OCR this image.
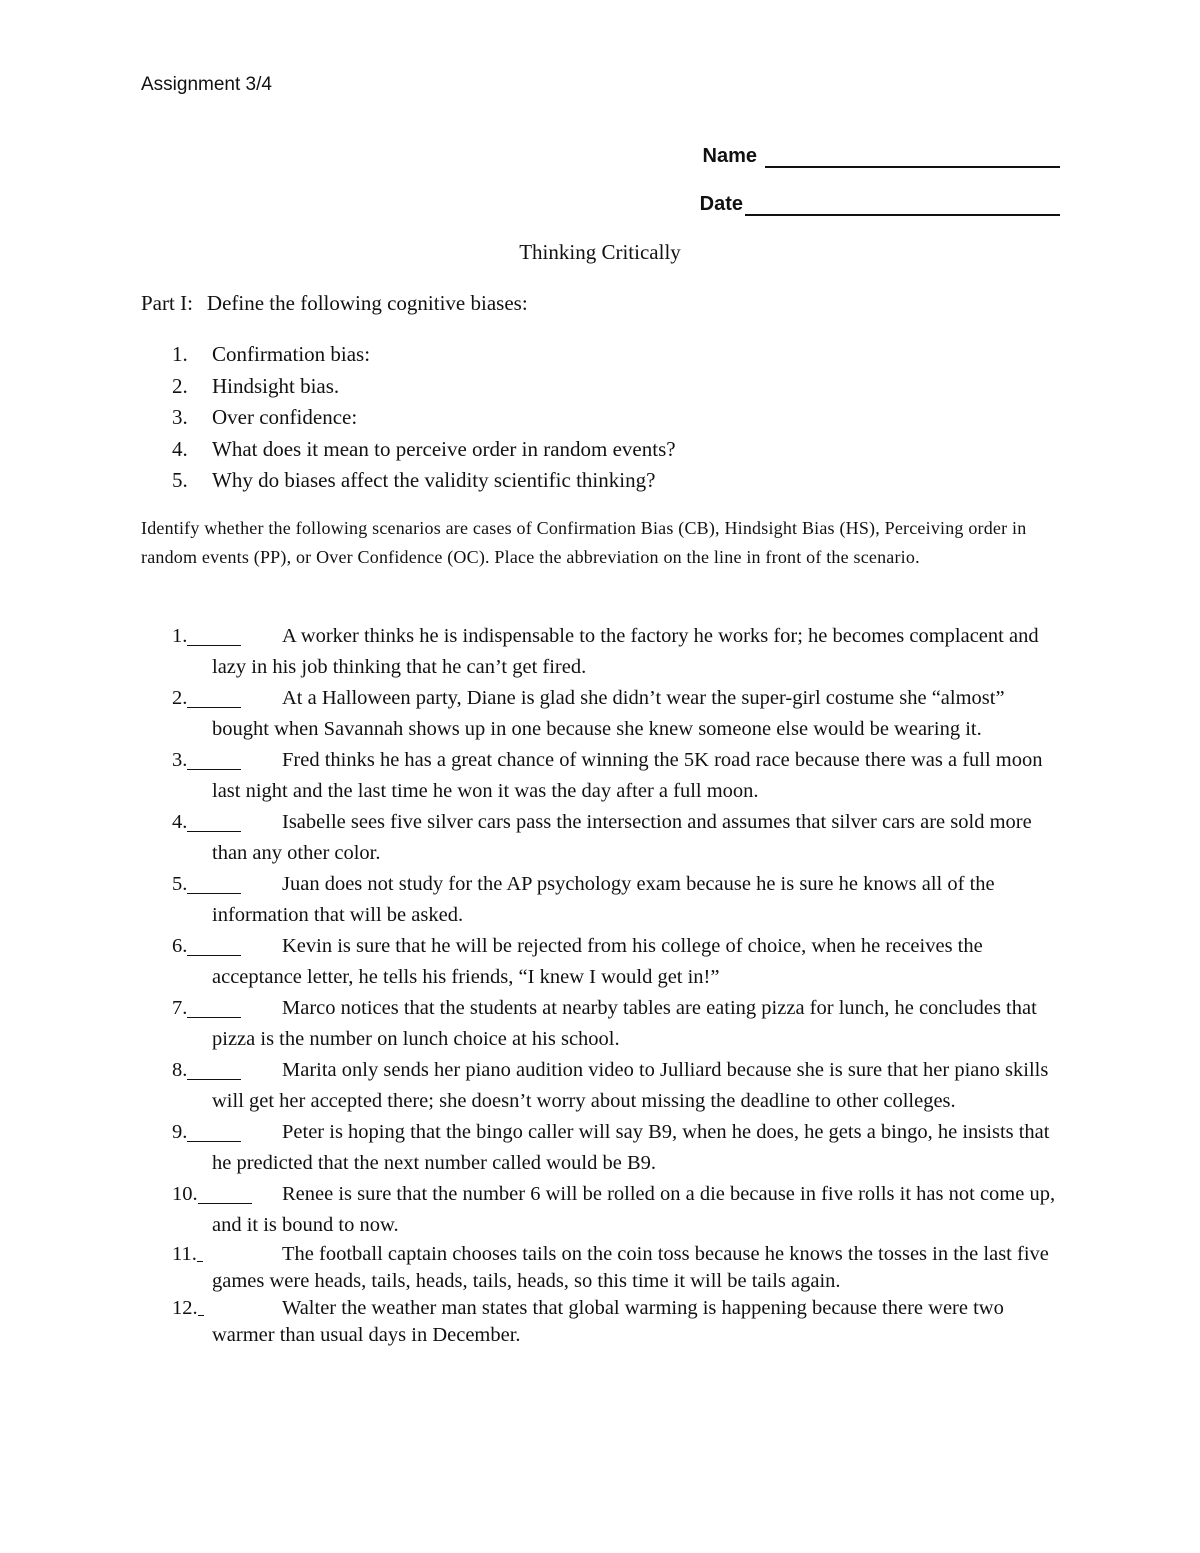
Assignment 3/4
Name
Date
Thinking Critically
Part I: Define the following cognitive biases:
1.	Confirmation bias:
2.	Hindsight bias.
3.	Over confidence:
4.	What does it mean to perceive order in random events?
5.	Why do biases affect the validity scientific thinking?
Identify whether the following scenarios are cases of Confirmation Bias (CB), Hindsight Bias (HS), Perceiving order in random events (PP), or Over Confidence (OC). Place the abbreviation on the line in front of the scenario.
1.	A worker thinks he is indispensable to the factory he works for; he becomes complacent and lazy in his job thinking that he can’t get fired.
2.	At a Halloween party, Diane is glad she didn’t wear the super-girl costume she “almost” bought when Savannah shows up in one because she knew someone else would be wearing it.
3.	Fred thinks he has a great chance of winning the 5K road race because there was a full moon last night and the last time he won it was the day after a full moon.
4.	Isabelle sees five silver cars pass the intersection and assumes that silver cars are sold more than any other color.
5.	Juan does not study for the AP psychology exam because he is sure he knows all of the information that will be asked.
6.	Kevin is sure that he will be rejected from his college of choice, when he receives the acceptance letter, he tells his friends, “I knew I would get in!”
7.	Marco notices that the students at nearby tables are eating pizza for lunch, he concludes that pizza is the number on lunch choice at his school.
8.	Marita only sends her piano audition video to Julliard because she is sure that her piano skills will get her accepted there; she doesn’t worry about missing the deadline to other colleges.
9.	Peter is hoping that the bingo caller will say B9, when he does, he gets a bingo, he insists that he predicted that the next number called would be B9.
10.	Renee is sure that the number 6 will be rolled on a die because in five rolls it has not come up, and it is bound to now.
11.	The football captain chooses tails on the coin toss because he knows the tosses in the last five games were heads, tails, heads, tails, heads, so this time it will be tails again.
12.	Walter the weather man states that global warming is happening because there were two warmer than usual days in December.
